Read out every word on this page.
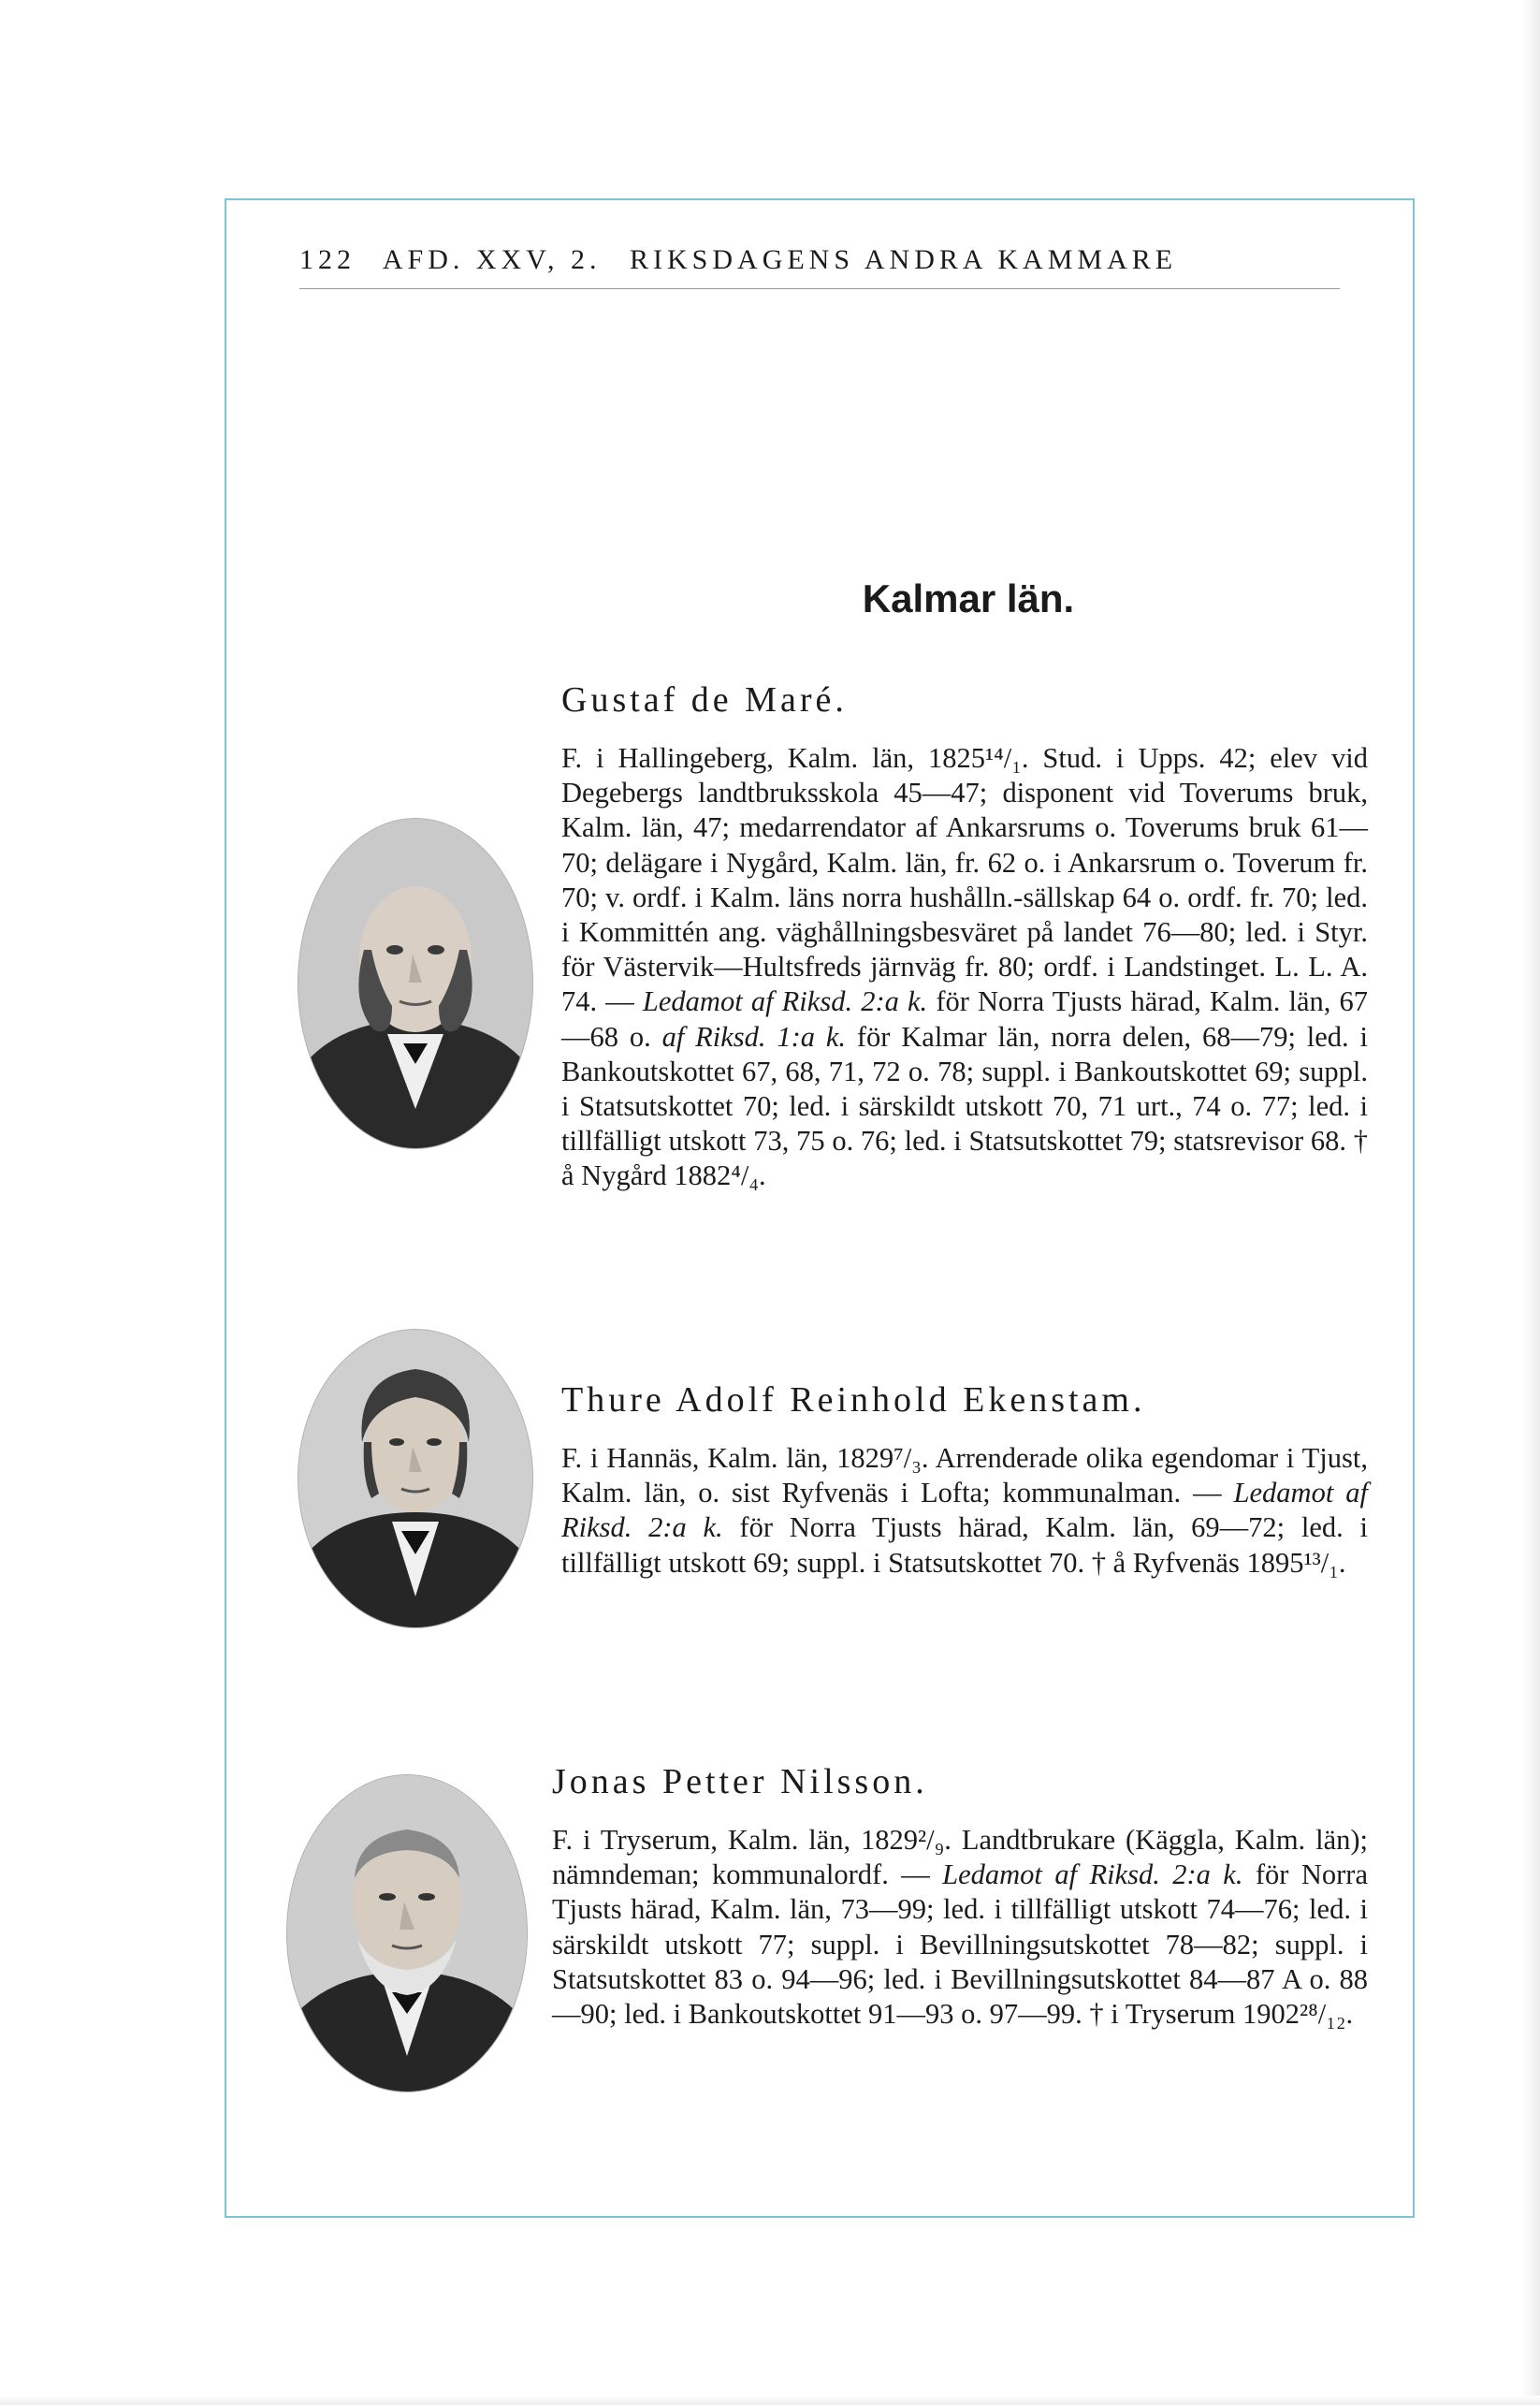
122 AFD. XXV, 2. RIKSDAGENS ANDRA KAMMARE
Kalmar län.
Gustaf de Maré.
F. i Hallingeberg, Kalm. län, 1825¹⁴/₁. Stud. i Upps. 42; elev vid Degebergs landtbruksskola 45—47; disponent vid Toverums bruk, Kalm. län, 47; medarrendator af Ankarsrums o. Toverums bruk 61—70; delägare i Nygård, Kalm. län, fr. 62 o. i Ankarsrum o. Toverum fr. 70; v. ordf. i Kalm. läns norra hushålln.-sällskap 64 o. ordf. fr. 70; led. i Kommittén ang. väghållningsbesväret på landet 76—80; led. i Styr. för Västervik—Hultsfreds järnväg fr. 80; ordf. i Landstinget. L. L. A. 74. — Ledamot af Riksd. 2:a k. för Norra Tjusts härad, Kalm. län, 67—68 o. af Riksd. 1:a k. för Kalmar län, norra delen, 68—79; led. i Bankoutskottet 67, 68, 71, 72 o. 78; suppl. i Bankoutskottet 69; suppl. i Statsutskottet 70; led. i särskildt utskott 70, 71 urt., 74 o. 77; led. i tillfälligt utskott 73, 75 o. 76; led. i Statsutskottet 79; statsrevisor 68. † å Nygård 1882⁴/₄.
Thure Adolf Reinhold Ekenstam.
F. i Hannäs, Kalm. län, 1829⁷/₃. Arrenderade olika egendomar i Tjust, Kalm. län, o. sist Ryfvenäs i Lofta; kommunalman. — Ledamot af Riksd. 2:a k. för Norra Tjusts härad, Kalm. län, 69—72; led. i tillfälligt utskott 69; suppl. i Statsutskottet 70. † å Ryfvenäs 1895¹³/₁.
Jonas Petter Nilsson.
F. i Tryserum, Kalm. län, 1829²/₉. Landtbrukare (Käggla, Kalm. län); nämndeman; kommunalordf. — Ledamot af Riksd. 2:a k. för Norra Tjusts härad, Kalm. län, 73—99; led. i tillfälligt utskott 74—76; led. i särskildt utskott 77; suppl. i Bevillningsutskottet 78—82; suppl. i Statsutskottet 83 o. 94—96; led. i Bevillningsutskottet 84—87 A o. 88—90; led. i Bankoutskottet 91—93 o. 97—99. † i Tryserum 1902²⁸/₁₂.
